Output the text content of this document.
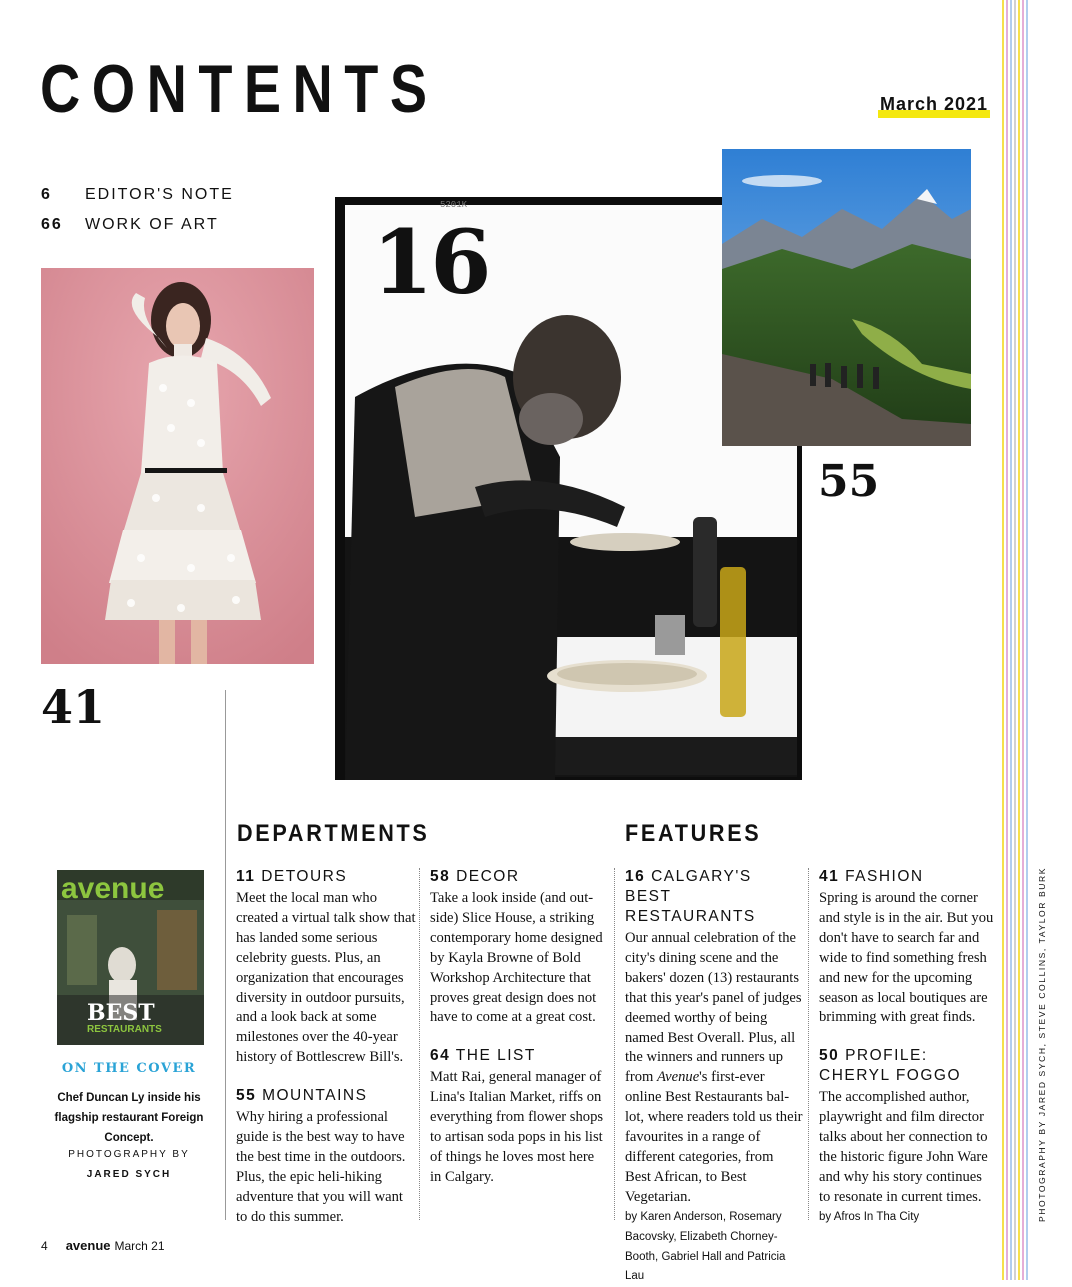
CONTENTS	March 2021
6 EDITOR'S NOTE
66 WORK OF ART
41
5201K
16
55
DEPARTMENTS	FEATURES

11 DETOURS

Meet the local man who created a virtual talk show that has landed some serious celebrity guests. Plus, an organization that encourages diversity in outdoor pursuits, and a look back at some milestones over the 40-year history of Bottlescrew Bill's.

55 MOUNTAINS

Why hiring a professional guide is the best way to have the best time in the outdoors. Plus, the epic heli-hiking adventure that you will want to do this summer.

58 DECOR

Take a look inside (and out-side) Slice House, a striking contemporary home designed by Kayla Browne of Bold Workshop Architecture that proves great design does not have to come at a great cost.

64 THE LIST

Matt Rai, general manager of Lina's Italian Market, riffs on everything from flower shops to artisan soda pops in his list of things he loves most here in Calgary.

16 CALGARY'S BEST RESTAURANTS

Our annual celebration of the city's dining scene and the bakers' dozen (13) restaurants that this year's panel of judges deemed worthy of being named Best Overall. Plus, all the winners and runners up from Avenue's first-ever online Best Restaurants bal-lot, where readers told us their favourites in a range of different categories, from Best African, to Best Vegetarian.

by Karen Anderson, Rosemary Bacovsky, Elizabeth Chorney-Booth, Gabriel Hall and Patricia Lau

41 FASHION

Spring is around the corner and style is in the air. But you don't have to search far and wide to find something fresh and new for the upcoming season as local boutiques are brimming with great finds.

50 PROFILE: CHERYL FOGGO

The accomplished author, playwright and film director talks about her connection to the historic figure John Ware and why his story continues to resonate in current times.

by Afros In Tha City
avenue
BEST
RESTAURANTS
ON THE COVER
Chef Duncan Ly inside his flagship restaurant Foreign Concept.
PHOTOGRAPHY BY
JARED SYCH	PHOTOGRAPHY BY JARED SYCH, STEVE COLLINS, TAYLOR BURK
4 avenue March 21
